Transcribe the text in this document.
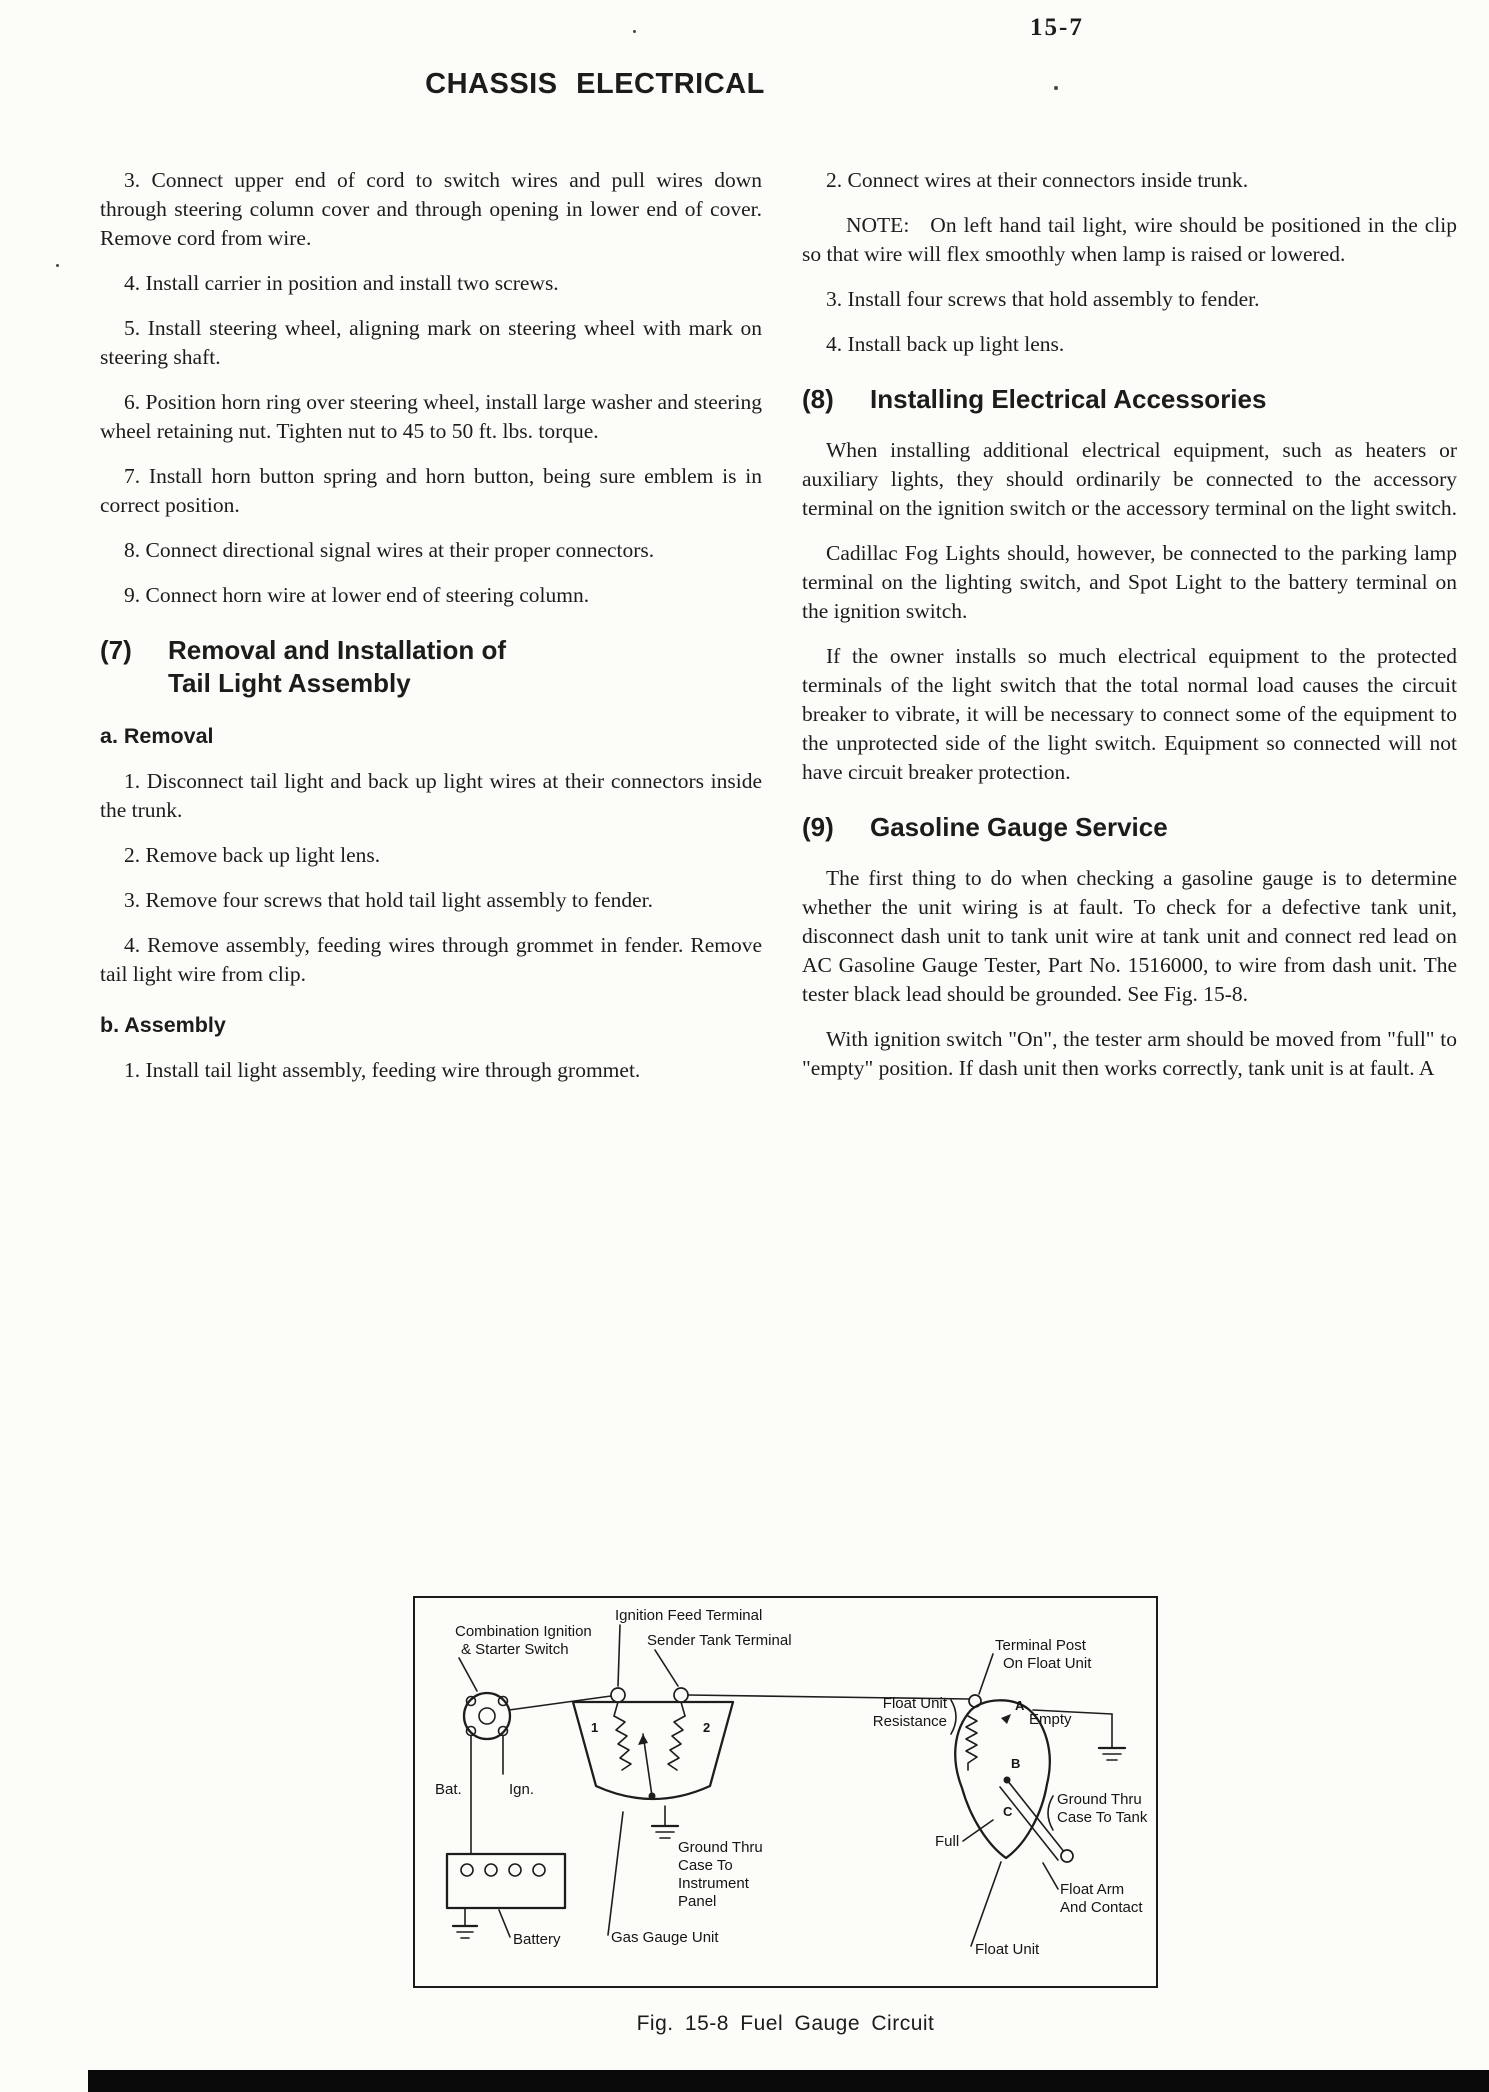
15-7
CHASSIS ELECTRICAL

3. Connect upper end of cord to switch wires and pull wires down through steering column cover and through opening in lower end of cover. Remove cord from wire.

4. Install carrier in position and install two screws.

5. Install steering wheel, aligning mark on steering wheel with mark on steering shaft.

6. Position horn ring over steering wheel, install large washer and steering wheel retaining nut. Tighten nut to 45 to 50 ft. lbs. torque.

7. Install horn button spring and horn button, being sure emblem is in correct position.

8. Connect directional signal wires at their proper connectors.

9. Connect horn wire at lower end of steering column.

(7)	Removal and Installation of
Tail Light Assembly
a. Removal

1. Disconnect tail light and back up light wires at their connectors inside the trunk.

2. Remove back up light lens.

3. Remove four screws that hold tail light assembly to fender.

4. Remove assembly, feeding wires through grommet in fender. Remove tail light wire from clip.

b. Assembly

1. Install tail light assembly, feeding wire through grommet.

2. Connect wires at their connectors inside trunk.

NOTE:   On left hand tail light, wire should be positioned in the clip so that wire will flex smoothly when lamp is raised or lowered.

3. Install four screws that hold assembly to fender.

4. Install back up light lens.

(8)	Installing Electrical Accessories

When installing additional electrical equipment, such as heaters or auxiliary lights, they should ordinarily be connected to the accessory terminal on the ignition switch or the accessory terminal on the light switch.

Cadillac Fog Lights should, however, be connected to the parking lamp terminal on the lighting switch, and Spot Light to the battery terminal on the ignition switch.

If the owner installs so much electrical equipment to the protected terminals of the light switch that the total normal load causes the circuit breaker to vibrate, it will be necessary to connect some of the equipment to the unprotected side of the light switch. Equipment so connected will not have circuit breaker protection.

(9)	Gasoline Gauge Service

The first thing to do when checking a gasoline gauge is to determine whether the unit wiring is at fault. To check for a defective tank unit, disconnect dash unit to tank unit wire at tank unit and connect red lead on AC Gasoline Gauge Tester, Part No. 1516000, to wire from dash unit. The tester black lead should be grounded. See Fig. 15-8.

With ignition switch "On", the tester arm should be moved from "full" to "empty" position. If dash unit then works correctly, tank unit is at fault. A

Combination Ignition
& Starter Switch
Bat.	Ign.
1	2
Ignition Feed Terminal
Sender Tank Terminal
Ground Thru
Case To
Instrument
Panel
Terminal Post
On Float Unit
Float Unit
Resistance
A
Empty
B
C
Full
Ground Thru
Case To Tank
Float Arm
And Contact
Float Unit
Gas Gauge Unit
Battery
Fig. 15-8 Fuel Gauge Circuit
